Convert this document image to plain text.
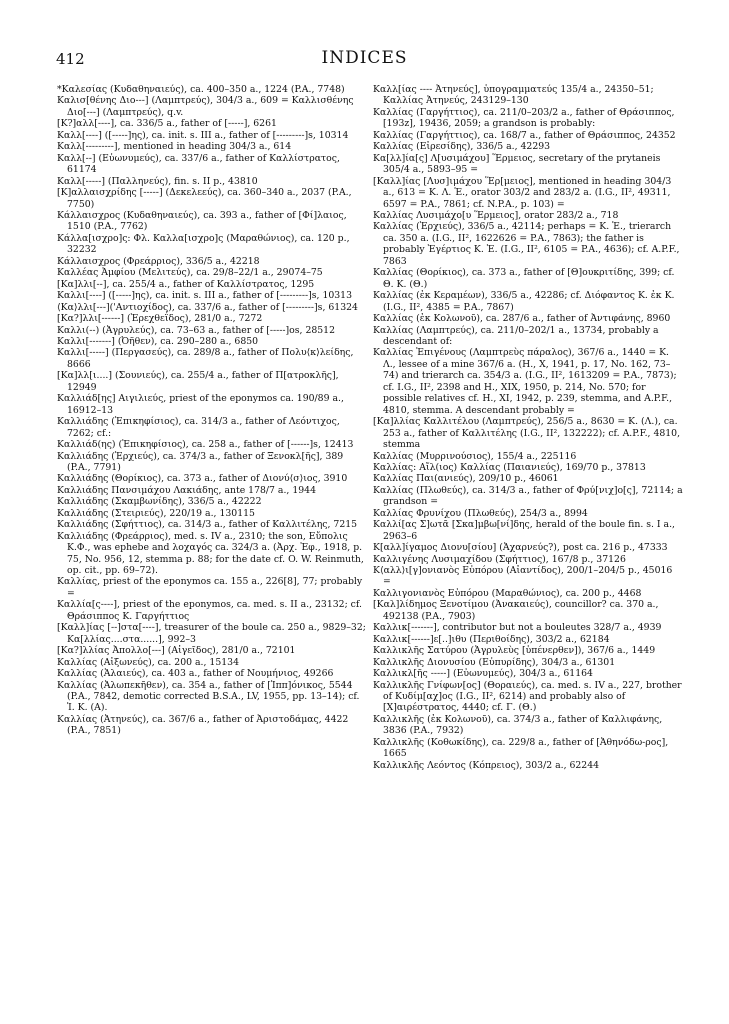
412	INDICES

*Καλεσίας (Κυδαθηναιεύς), ca. 400–350 a., 1224 (P.A., 7748)

Καλισ[θένης Διο---] (Λαμπτρεύς), 304/3 a., 609 = Καλλισθένης Διο[---] (Λαμπτρεύς), q.v.

[Κ?]αλλ[----], ca. 336/5 a., father of [-----], 6261

Καλλ[----] ([-----]ης), ca. init. s. III a., father of [---------]s, 10314

Καλλ[---------], mentioned in heading 304/3 a., 614

Καλλ[--] (Εὐωνυμεύς), ca. 337/6 a., father of Καλλίστρατος, 61174

Καλλ[-----] (Παλληνεύς), fin. s. II p., 43810

[Κ]αλλαισχρίδης [-----] (Δεκελεεύς), ca. 360–340 a., 2037 (P.A., 7750)

Κάλλαισχρος (Κυδαθηναιεύς), ca. 393 a., father of [Φί]λαιος, 1510 (P.A., 7762)

Κάλλα[ισχρο]ς: Φλ. Καλλα[ισχρο]ς (Μαραθώνιος), ca. 120 p., 32232

Κάλλαισχρος (Φρεάρριος), 336/5 a., 42218

Καλλέας Ἀμφίου (Μελιτεύς), ca. 29/8–22/1 a., 29074–75

[Κα]λλι[--], ca. 255/4 a., father of Καλλίστρατος, 1295

Καλλι[----] ([-----]ης), ca. init. s. III a., father of [---------]s, 10313

⟨Κα⟩λλι[---]('Αντιοχίδος), ca. 337/6 a., father of [---------]s, 61324

[Κα?]λλι[------] (Ἐρεχθεΐδος), 281/0 a., 7272

Καλλι(--) (Ἀγρυλεύς), ca. 73–63 a., father of [-----]os, 28512

Καλλι[-------] (Ὀῆθεν), ca. 290–280 a., 6850

Καλλι[-----] (Περγασεύς), ca. 289/8 a., father of Πολυ⟨κ⟩λείδης, 8666

[Κα]λλ[ι....] (Σουνιεύς), ca. 255/4 a., father of Π[ατροκλῆς], 12949

Καλλιάδ[ης] Αιγιλιεύς, priest of the eponymos ca. 190/89 a., 16912–13

Καλλιάδης (Ἐπικηφίσιος), ca. 314/3 a., father of Λεόντιχος, 7262; cf.:

Καλλιάδ(ης) (Ἐπικηφίσιος), ca. 258 a., father of [------]s, 12413

Καλλιάδης (Ἐρχιεύς), ca. 374/3 a., father of Ξενοκλ[ῆς], 389 (P.A., 7791)

Καλλιάδης (Θορίκιος), ca. 373 a., father of Διονύ⟨σ⟩ιος, 3910

Καλλιάδης Πανσιμάχου Λακιάδης, ante 178/7 a., 1944

Καλλιάδης (Σκαμβωνίδης), 336/5 a., 42222

Καλλιάδης (Στειριεύς), 220/19 a., 130115

Καλλιάδης (Σφήττιος), ca. 314/3 a., father of Καλλιτέλης, 7215

Καλλιάδης (Φρεάρριος), med. s. IV a., 2310; the son, Εὔπολις Κ.Φ., was ephebe and λοχαγός ca. 324/3 a. (Ἀρχ. Ἐφ., 1918, p. 75, No. 956, 12, stemma p. 88; for the date cf. O. W. Reinmuth, op. cit., pp. 69–72).

Καλλίας, priest of the eponymos ca. 155 a., 226[8], 77; probably =

Καλλία[ς----], priest of the eponymos, ca. med. s. II a., 23132; cf. Θράσιππος Κ. Γαργήττιος

[Καλλ]ίας [--]στα[----], treasurer of the boule ca. 250 a., 9829–32; Κα[λλίας....στα......], 992–3

[Κα?]λλίας Ἀπολλο[---] (Αἰγεῖδος), 281/0 a., 72101

Καλλίας (Αἰξωνεύς), ca. 200 a., 15134

Καλλίας (Ἁλαιεύς), ca. 403 a., father of Νουμήνιος, 49266

Καλλίας (Ἀλωπεκῆθεν), ca. 354 a., father of [Ἱππ]όνικος, 5544 (P.A., 7842, demotic corrected B.S.A., LV, 1955, pp. 13–14); cf. Ἱ. Κ. (Α).

Καλλίας (Ἀτηνεύς), ca. 367/6 a., father of Ἀριστοδάμας, 4422 (P.A., 7851)

Καλλ[ίας ---- Ἀτηνεύς], ὑπογραμματεύς 135/4 a., 24350–51; Καλλίας Ἀτηνεύς, 243129–130

Καλλίας (Γαργήττιος), ca. 211/0–203/2 a., father of Θράσιππος, [193z], 19436, 2059; a grandson is probably:

Καλλίας (Γαργήττιος), ca. 168/7 a., father of Θράσιππος, 24352

Καλλίας (Εἰρεσίδης), 336/5 a., 42293

Κα[λλ]ία[ς] Λ[υσιμάχου] Ἕρμειος, secretary of the prytaneis 305/4 a., 5893–95 =

[Καλλ]ίας [Λυσ]ιμάχου Ἕρ[μειος], mentioned in heading 304/3 a., 613 = Κ. Λ. Ἑ., orator 303/2 and 283/2 a. (I.G., II², 49311, 6597 = P.A., 7861; cf. N.P.A., p. 103) =

Καλλίας Λυσιμάχο[υ Ἕρμειος], orator 283/2 a., 718

Καλλίας (Ἐρχιεύς), 336/5 a., 42114; perhaps = Κ. Ἑ., trierarch ca. 350 a. (I.G., II², 1622626 = P.A., 7863); the father is probably Ἐγέρτιος Κ. Ἑ. (I.G., II², 6105 = P.A., 4636); cf. A.P.F., 7863

Καλλίας (Θορίκιος), ca. 373 a., father of [Θ]ουκριτίδης, 399; cf. Θ. Κ. (Θ.)

Καλλίας (ἐκ Κεραμέων), 336/5 a., 42286; cf. Διόφαντος Κ. ἐκ Κ. (I.G., II², 4385 = P.A., 7867)

Καλλίας (ἐκ Κολωνοῦ), ca. 287/6 a., father of Ἀντιφάνης, 8960

Καλλίας (Λαμπτρεύς), ca. 211/0–202/1 a., 13734, probably a descendant of:

Καλλίας Ἐπιγένους (Λαμπτρεὺς πάραλος), 367/6 a., 1440 = Κ. Λ., lessee of a mine 367/6 a. (H., X, 1941, p. 17, No. 162, 73–74) and trierarch ca. 354/3 a. (I.G., II², 1613209 = P.A., 7873); cf. I.G., II², 2398 and H., XIX, 1950, p. 214, No. 570; for possible relatives cf. H., XI, 1942, p. 239, stemma, and A.P.F., 4810, stemma. A descendant probably =

[Κα]λλίας Καλλιτέλου (Λαμπτρεύς), 256/5 a., 8630 = Κ. (Λ.), ca. 253 a., father of Καλλιτέλης (I.G., II², 132222); cf. A.P.F., 4810, stemma

Καλλίας (Μυρρινούσιος), 155/4 a., 225116

Καλλίας: Αἴλ(ιος) Καλλίας (Παιανιεύς), 169/70 p., 37813

Καλλίας Παι(ανιεύς), 209/10 p., 46061

Καλλίας (Πλωθεύς), ca. 314/3 a., father of Φρύ[νιχ]ο[ς], 72114; a grandson =

Καλλίας Φρυνίχου (Πλωθεύς), 254/3 a., 8994

Καλλί[ας Σ]ωτᾶ [Σκα]μβω[νί]δης, herald of the boule fin. s. I a., 2963–6

Κ[αλλ]ίγαμος Διονυ[σίου] (Ἀχαρνεύς?), post ca. 216 p., 47333

Καλλιγένης Λυσιμαχίδου (Σφήττιος), 167/8 p., 37126

Κ⟨αλλ⟩ι[γ]ονιανὸς Εὐπόρου (Αἰαντίδος), 200/1–204/5 p., 45016 =

Καλλιγονιανὸς Εὐπόρου (Μαραθώνιος), ca. 200 p., 4468

[Καλ]λίδημος Ξενοτίμου (Ἀνακαιεύς), councillor? ca. 370 a., 492138 (P.A., 7903)

Καλλικ[-------], contributor but not a bouleutes 328/7 a., 4939

Καλλικ[------]ε[..]ιθυ (Περιθοίδης), 303/2 a., 62184

Καλλικλῆς Σατύρου (Ἀγρυλεὺς [ὑπένερθεν]), 367/6 a., 1449

Καλλικλῆς Διονυσίου (Εὐπυρίδης), 304/3 a., 61301

Καλλικλ[ῆς -----] (Εὐωνυμεύς), 304/3 a., 61164

Καλλικλῆς Γνίφων[ος] (Θοραιεύς), ca. med. s. IV a., 227, brother of Κυδίμ[αχ]ος (I.G., II², 6214) and probably also of [Χ]αιρέστρατος, 4440; cf. Γ. (Θ.)

Καλλικλῆς (ἐκ Κολωνοῦ), ca. 374/3 a., father of Καλλιφάνης, 3836 (P.A., 7932)

Καλλικλῆς (Κοθωκίδης), ca. 229/8 a., father of [Ἀθηνόδω-ρος], 1665

Καλλικλῆς Λεόντος (Κόπρειος), 303/2 a., 62244
